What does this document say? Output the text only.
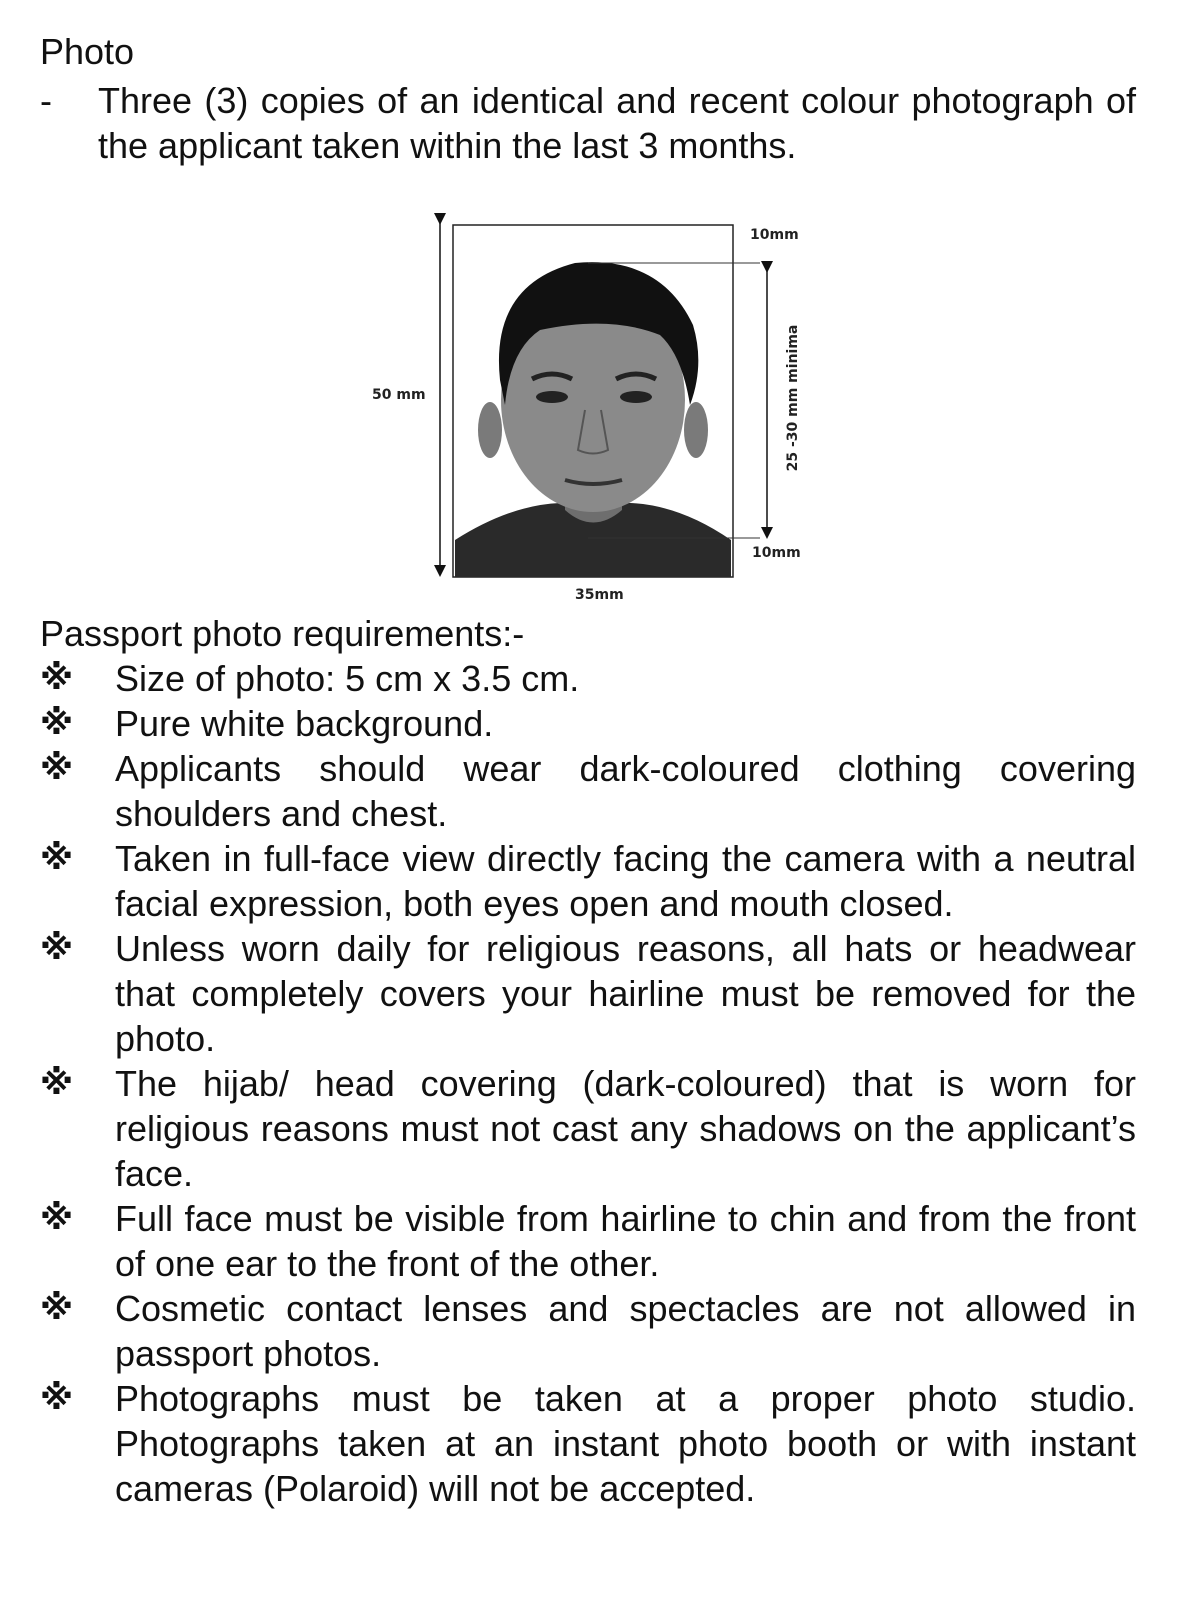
Photo
- Three (3) copies of an identical and recent colour photograph of the applicant taken within the last 3 months.
50 mm
35mm
10mm
10mm
25 -30 mm minima
Passport photo requirements:-
※ Size of photo: 5 cm x 3.5 cm.
※ Pure white background.
※ Applicants should wear dark-coloured clothing covering shoulders and chest.
※ Taken in full-face view directly facing the camera with a neutral facial expression, both eyes open and mouth closed.
※ Unless worn daily for religious reasons, all hats or headwear that completely covers your hairline must be removed for the photo.
※ The hijab/ head covering (dark-coloured) that is worn for religious reasons must not cast any shadows on the applicant’s face.
※ Full face must be visible from hairline to chin and from the front of one ear to the front of the other.
※ Cosmetic contact lenses and spectacles are not allowed in passport photos.
※ Photographs must be taken at a proper photo studio. Photographs taken at an instant photo booth or with instant cameras (Polaroid) will not be accepted.
